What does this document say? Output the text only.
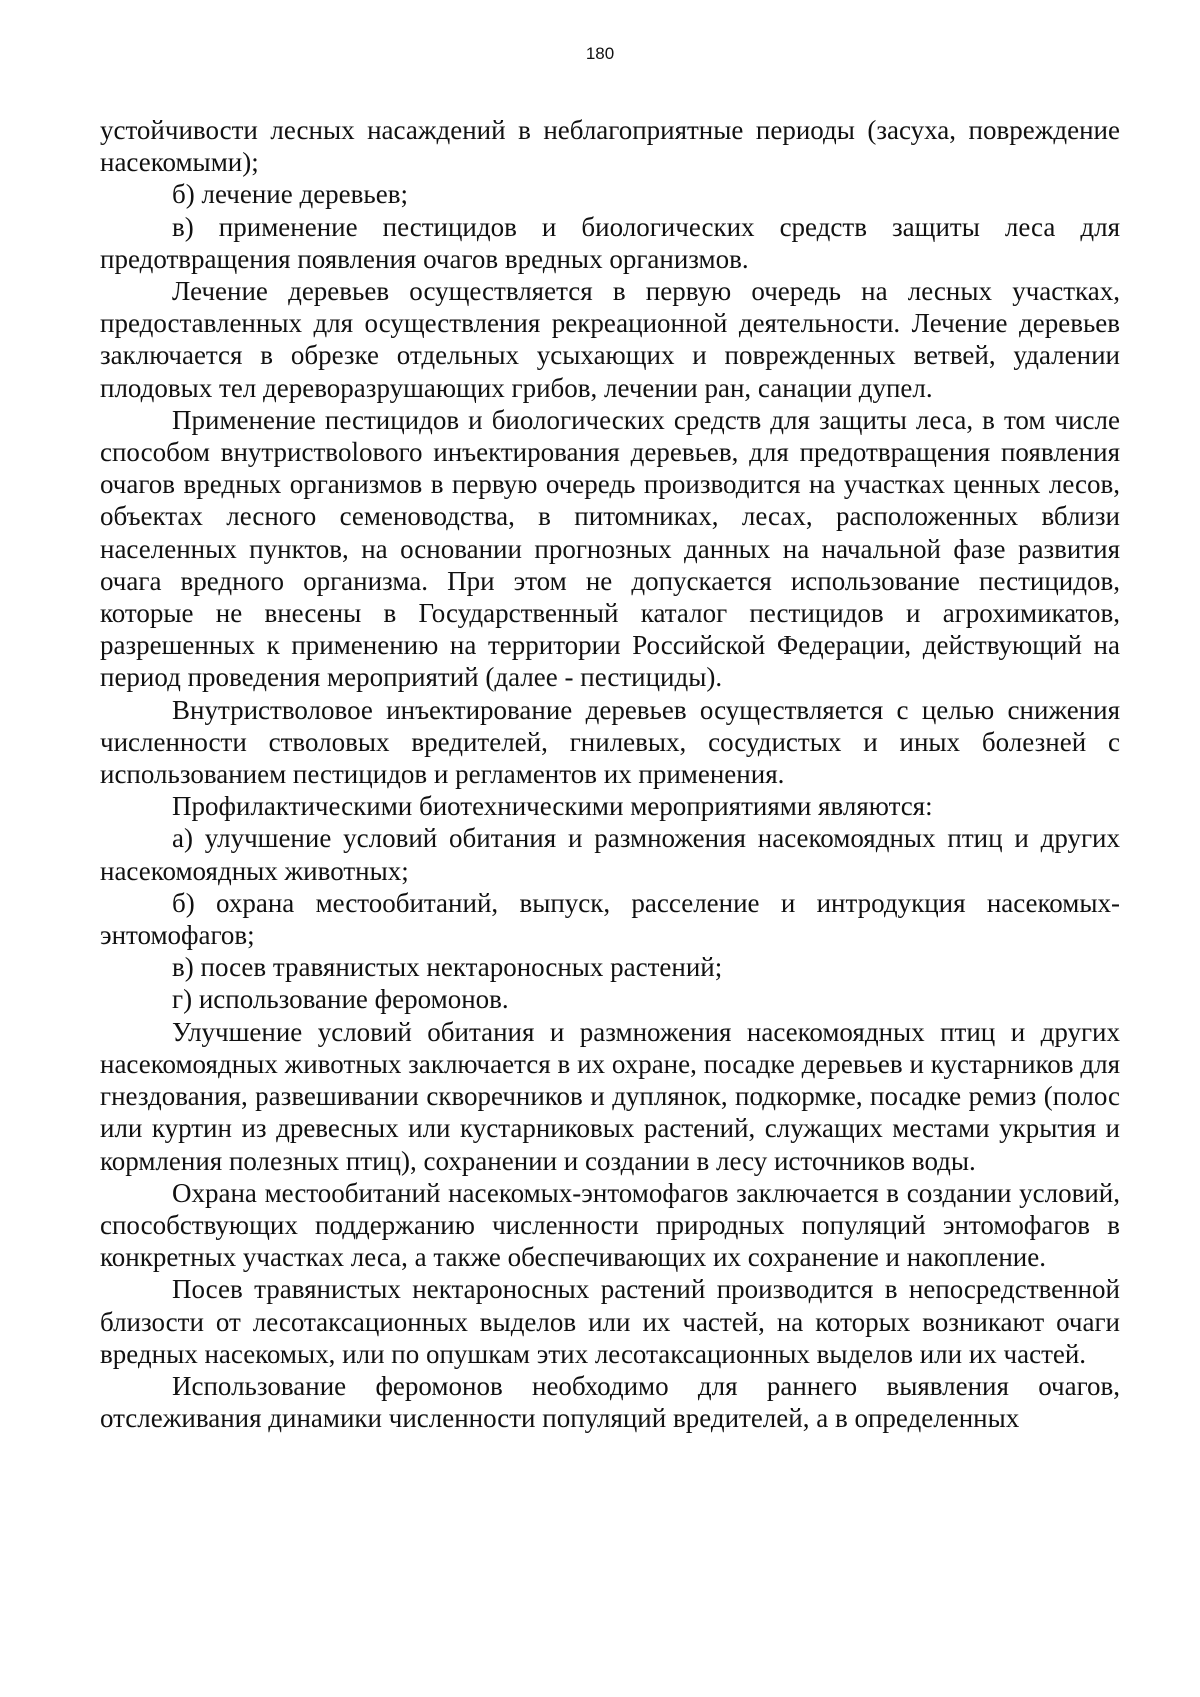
180

устойчивости лесных насаждений в неблагоприятные периоды (засуха, повреждение насекомыми);

б) лечение деревьев;

в) применение пестицидов и биологических средств защиты леса для предотвращения появления очагов вредных организмов.

Лечение деревьев осуществляется в первую очередь на лесных участках, предоставленных для осуществления рекреационной деятельности. Лечение деревьев заключается в обрезке отдельных усыхающих и поврежденных ветвей, удалении плодовых тел дереворазрушающих грибов, лечении ран, санации дупел.

Применение пестицидов и биологических средств для защиты леса, в том числе способом внутриствolового инъектирования деревьев, для предотвращения появления очагов вредных организмов в первую очередь производится на участках ценных лесов, объектах лесного семеноводства, в питомниках, лесах, расположенных вблизи населенных пунктов, на основании прогнозных данных на начальной фазе развития очага вредного организма. При этом не допускается использование пестицидов, которые не внесены в Государственный каталог пестицидов и агрохимикатов, разрешенных к применению на территории Российской Федерации, действующий на период проведения мероприятий (далее - пестициды).

Внутристволовое инъектирование деревьев осуществляется с целью снижения численности стволовых вредителей, гнилевых, сосудистых и иных болезней с использованием пестицидов и регламентов их применения.

Профилактическими биотехническими мероприятиями являются:

а) улучшение условий обитания и размножения насекомоядных птиц и других насекомоядных животных;

б) охрана местообитаний, выпуск, расселение и интродукция насекомых-энтомофагов;

в) посев травянистых нектароносных растений;

г) использование феромонов.

Улучшение условий обитания и размножения насекомоядных птиц и других насекомоядных животных заключается в их охране, посадке деревьев и кустарников для гнездования, развешивании скворечников и дуплянок, подкормке, посадке ремиз (полос или куртин из древесных или кустарниковых растений, служащих местами укрытия и кормления полезных птиц), сохранении и создании в лесу источников воды.

Охрана местообитаний насекомых-энтомофагов заключается в создании условий, способствующих поддержанию численности природных популяций энтомофагов в конкретных участках леса, а также обеспечивающих их сохранение и накопление.

Посев травянистых нектароносных растений производится в непосредственной близости от лесотаксационных выделов или их частей, на которых возникают очаги вредных насекомых, или по опушкам этих лесотаксационных выделов или их частей.

Использование феромонов необходимо для раннего выявления очагов, отслеживания динамики численности популяций вредителей, а в определенных
